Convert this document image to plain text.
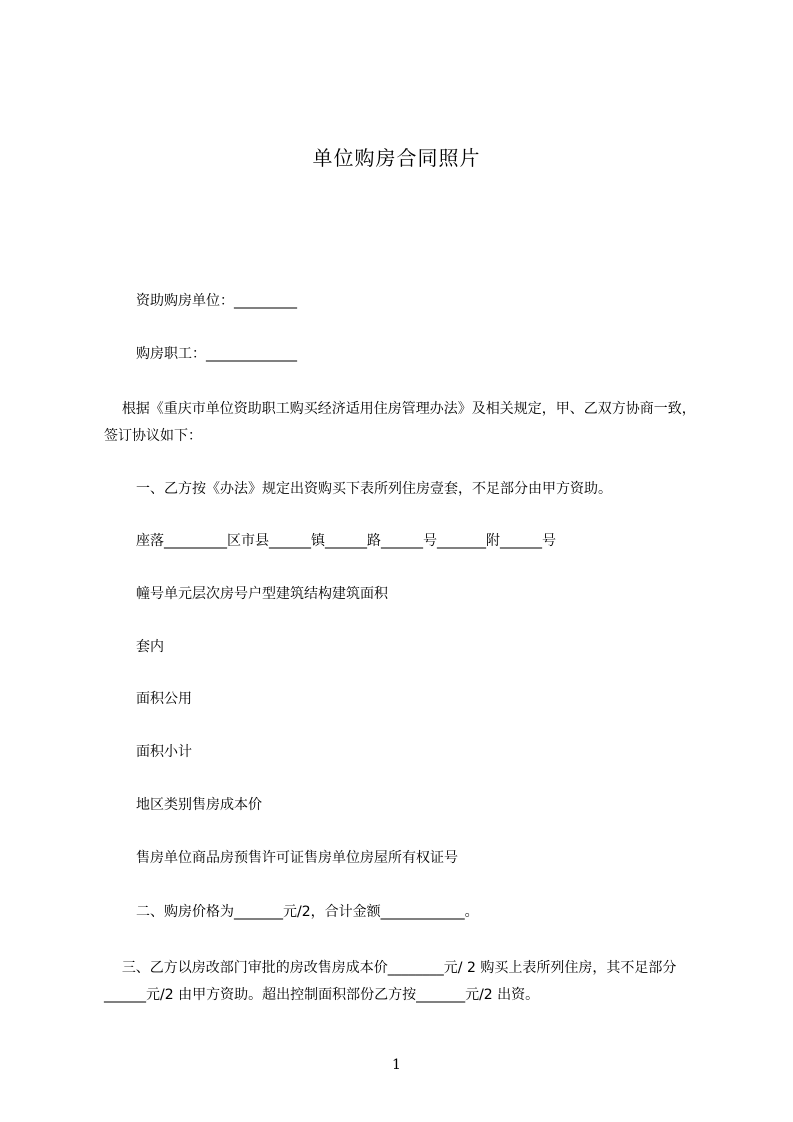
单位购房合同照片

资助购房单位：_________

购房职工：_____________

根据《重庆市单位资助职工购买经济适用住房管理办法》及相关规定，甲、乙双方协商一致，签订协议如下：

一、乙方按《办法》规定出资购买下表所列住房壹套，不足部分由甲方资助。

座落_________区市县______镇______路______号_______附______号

幢号单元层次房号户型建筑结构建筑面积

套内

面积公用

面积小计

地区类别售房成本价

售房单位商品房预售许可证售房单位房屋所有权证号

二、购房价格为_______元/2，合计金额____________。

三、乙方以房改部门审批的房改售房成本价________元/ 2 购买上表所列住房，其不足部分______元/2 由甲方资助。超出控制面积部份乙方按_______元/2 出资。

1
